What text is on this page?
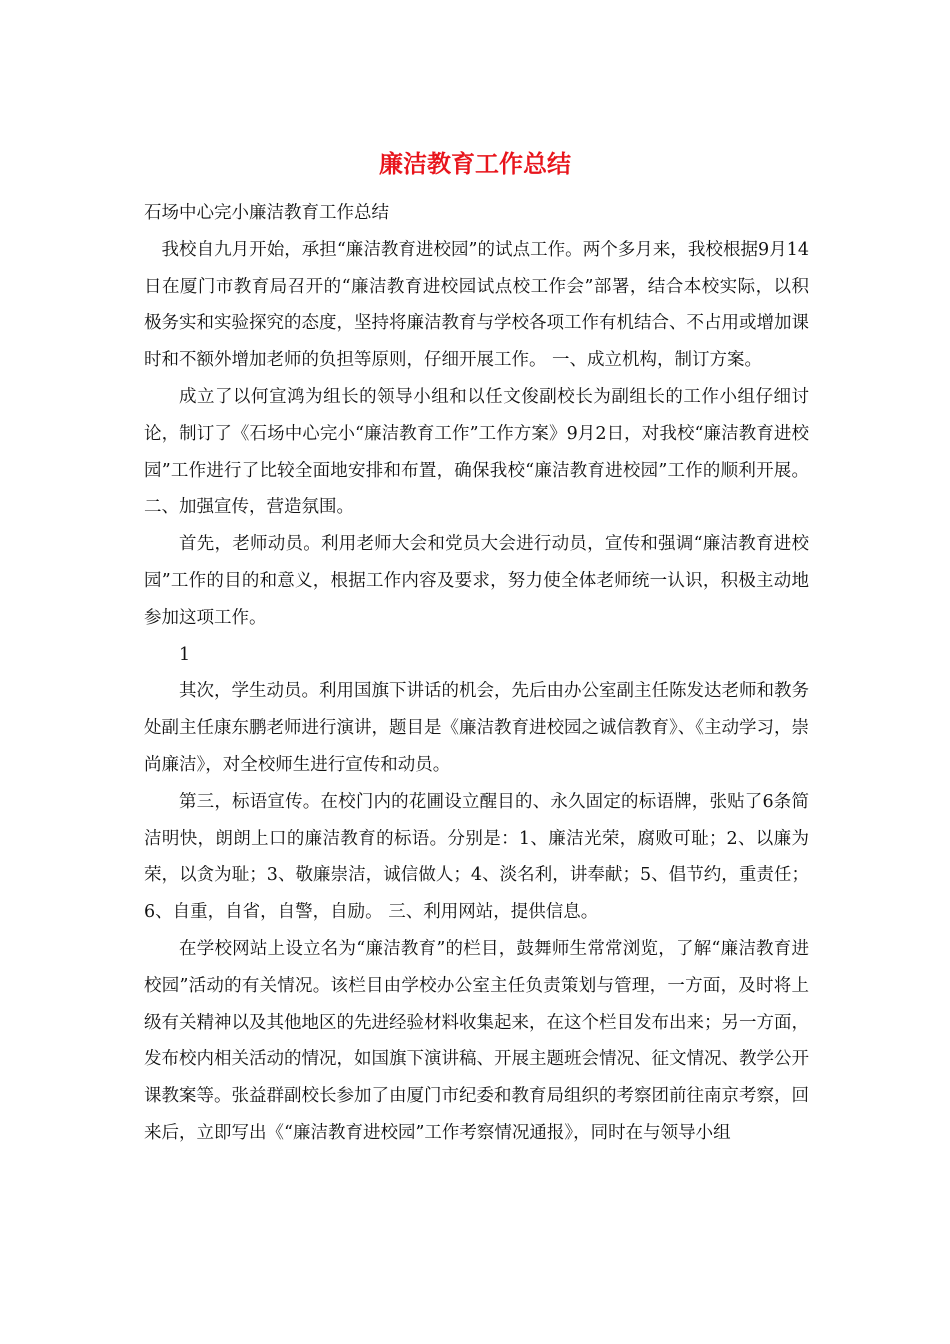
廉洁教育工作总结

石场中心完小廉洁教育工作总结

我校自九月开始，承担“廉洁教育进校园”的试点工作。两个多月来，我校根据9月14日在厦门市教育局召开的“廉洁教育进校园试点校工作会”部署，结合本校实际，以积极务实和实验探究的态度，坚持将廉洁教育与学校各项工作有机结合、不占用或增加课时和不额外增加老师的负担等原则，仔细开展工作。 一、成立机构，制订方案。

成立了以何宣鸿为组长的领导小组和以任文俊副校长为副组长的工作小组仔细讨论，制订了《石场中心完小“廉洁教育工作”工作方案》9月2日，对我校“廉洁教育进校园”工作进行了比较全面地安排和布置，确保我校“廉洁教育进校园”工作的顺利开展。 二、加强宣传，营造氛围。

首先，老师动员。利用老师大会和党员大会进行动员，宣传和强调“廉洁教育进校园”工作的目的和意义，根据工作内容及要求，努力使全体老师统一认识，积极主动地参加这项工作。

1

其次，学生动员。利用国旗下讲话的机会，先后由办公室副主任陈发达老师和教务处副主任康东鹏老师进行演讲，题目是《廉洁教育进校园之诚信教育》、《主动学习，崇尚廉洁》，对全校师生进行宣传和动员。

第三，标语宣传。在校门内的花圃设立醒目的、永久固定的标语牌，张贴了6条简洁明快，朗朗上口的廉洁教育的标语。分别是：1、廉洁光荣，腐败可耻；2、以廉为荣，以贪为耻；3、敬廉崇洁，诚信做人；4、淡名利，讲奉献；5、倡节约，重责任；6、自重，自省，自警，自励。 三、利用网站，提供信息。

在学校网站上设立名为“廉洁教育”的栏目，鼓舞师生常常浏览，了解“廉洁教育进校园”活动的有关情况。该栏目由学校办公室主任负责策划与管理，一方面，及时将上级有关精神以及其他地区的先进经验材料收集起来，在这个栏目发布出来；另一方面，发布校内相关活动的情况，如国旗下演讲稿、开展主题班会情况、征文情况、教学公开课教案等。张益群副校长参加了由厦门市纪委和教育局组织的考察团前往南京考察，回来后，立即写出《“廉洁教育进校园”工作考察情况通报》，同时在与领导小组
